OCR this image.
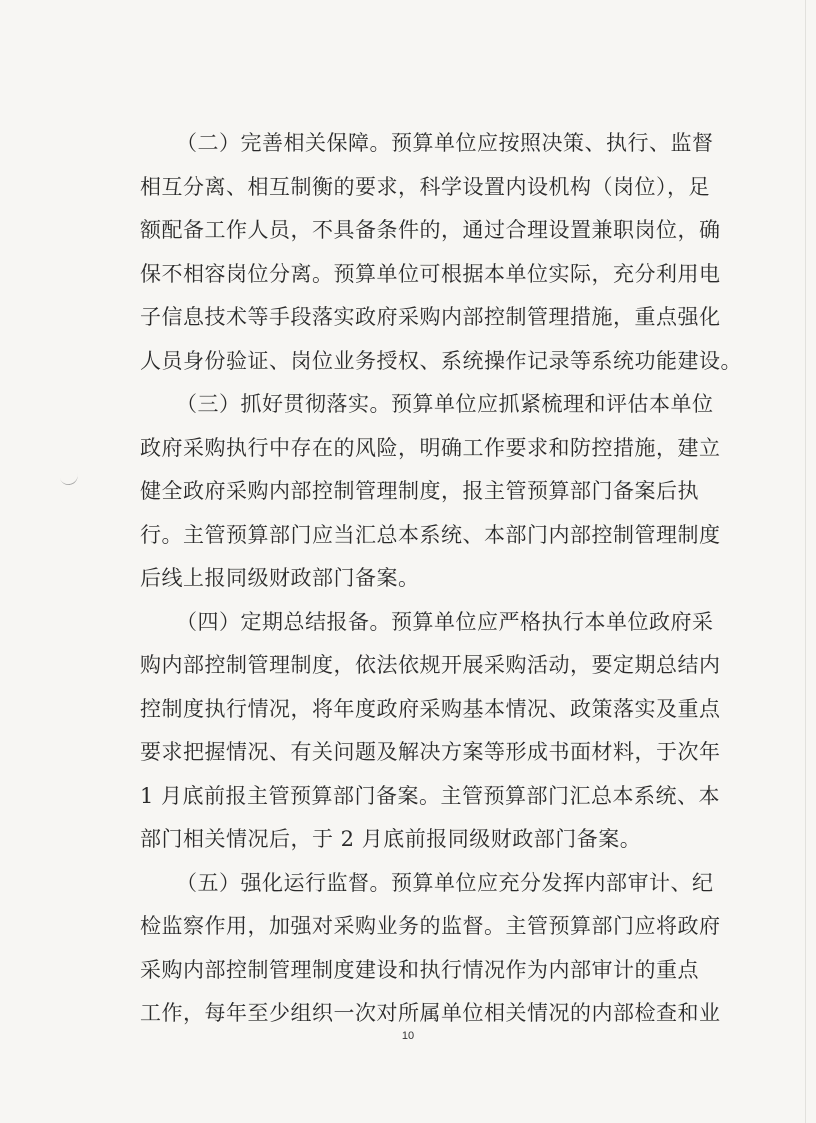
（二）完善相关保障。预算单位应按照决策、执行、监督
相互分离、相互制衡的要求，科学设置内设机构（岗位），足
额配备工作人员，不具备条件的，通过合理设置兼职岗位，确
保不相容岗位分离。预算单位可根据本单位实际，充分利用电
子信息技术等手段落实政府采购内部控制管理措施，重点强化
人员身份验证、岗位业务授权、系统操作记录等系统功能建设。
（三）抓好贯彻落实。预算单位应抓紧梳理和评估本单位
政府采购执行中存在的风险，明确工作要求和防控措施，建立
健全政府采购内部控制管理制度，报主管预算部门备案后执
行。主管预算部门应当汇总本系统、本部门内部控制管理制度
后线上报同级财政部门备案。
（四）定期总结报备。预算单位应严格执行本单位政府采
购内部控制管理制度，依法依规开展采购活动，要定期总结内
控制度执行情况，将年度政府采购基本情况、政策落实及重点
要求把握情况、有关问题及解决方案等形成书面材料，于次年
1 月底前报主管预算部门备案。主管预算部门汇总本系统、本
部门相关情况后，于 2 月底前报同级财政部门备案。
（五）强化运行监督。预算单位应充分发挥内部审计、纪
检监察作用，加强对采购业务的监督。主管预算部门应将政府
采购内部控制管理制度建设和执行情况作为内部审计的重点
工作，每年至少组织一次对所属单位相关情况的内部检查和业
10
